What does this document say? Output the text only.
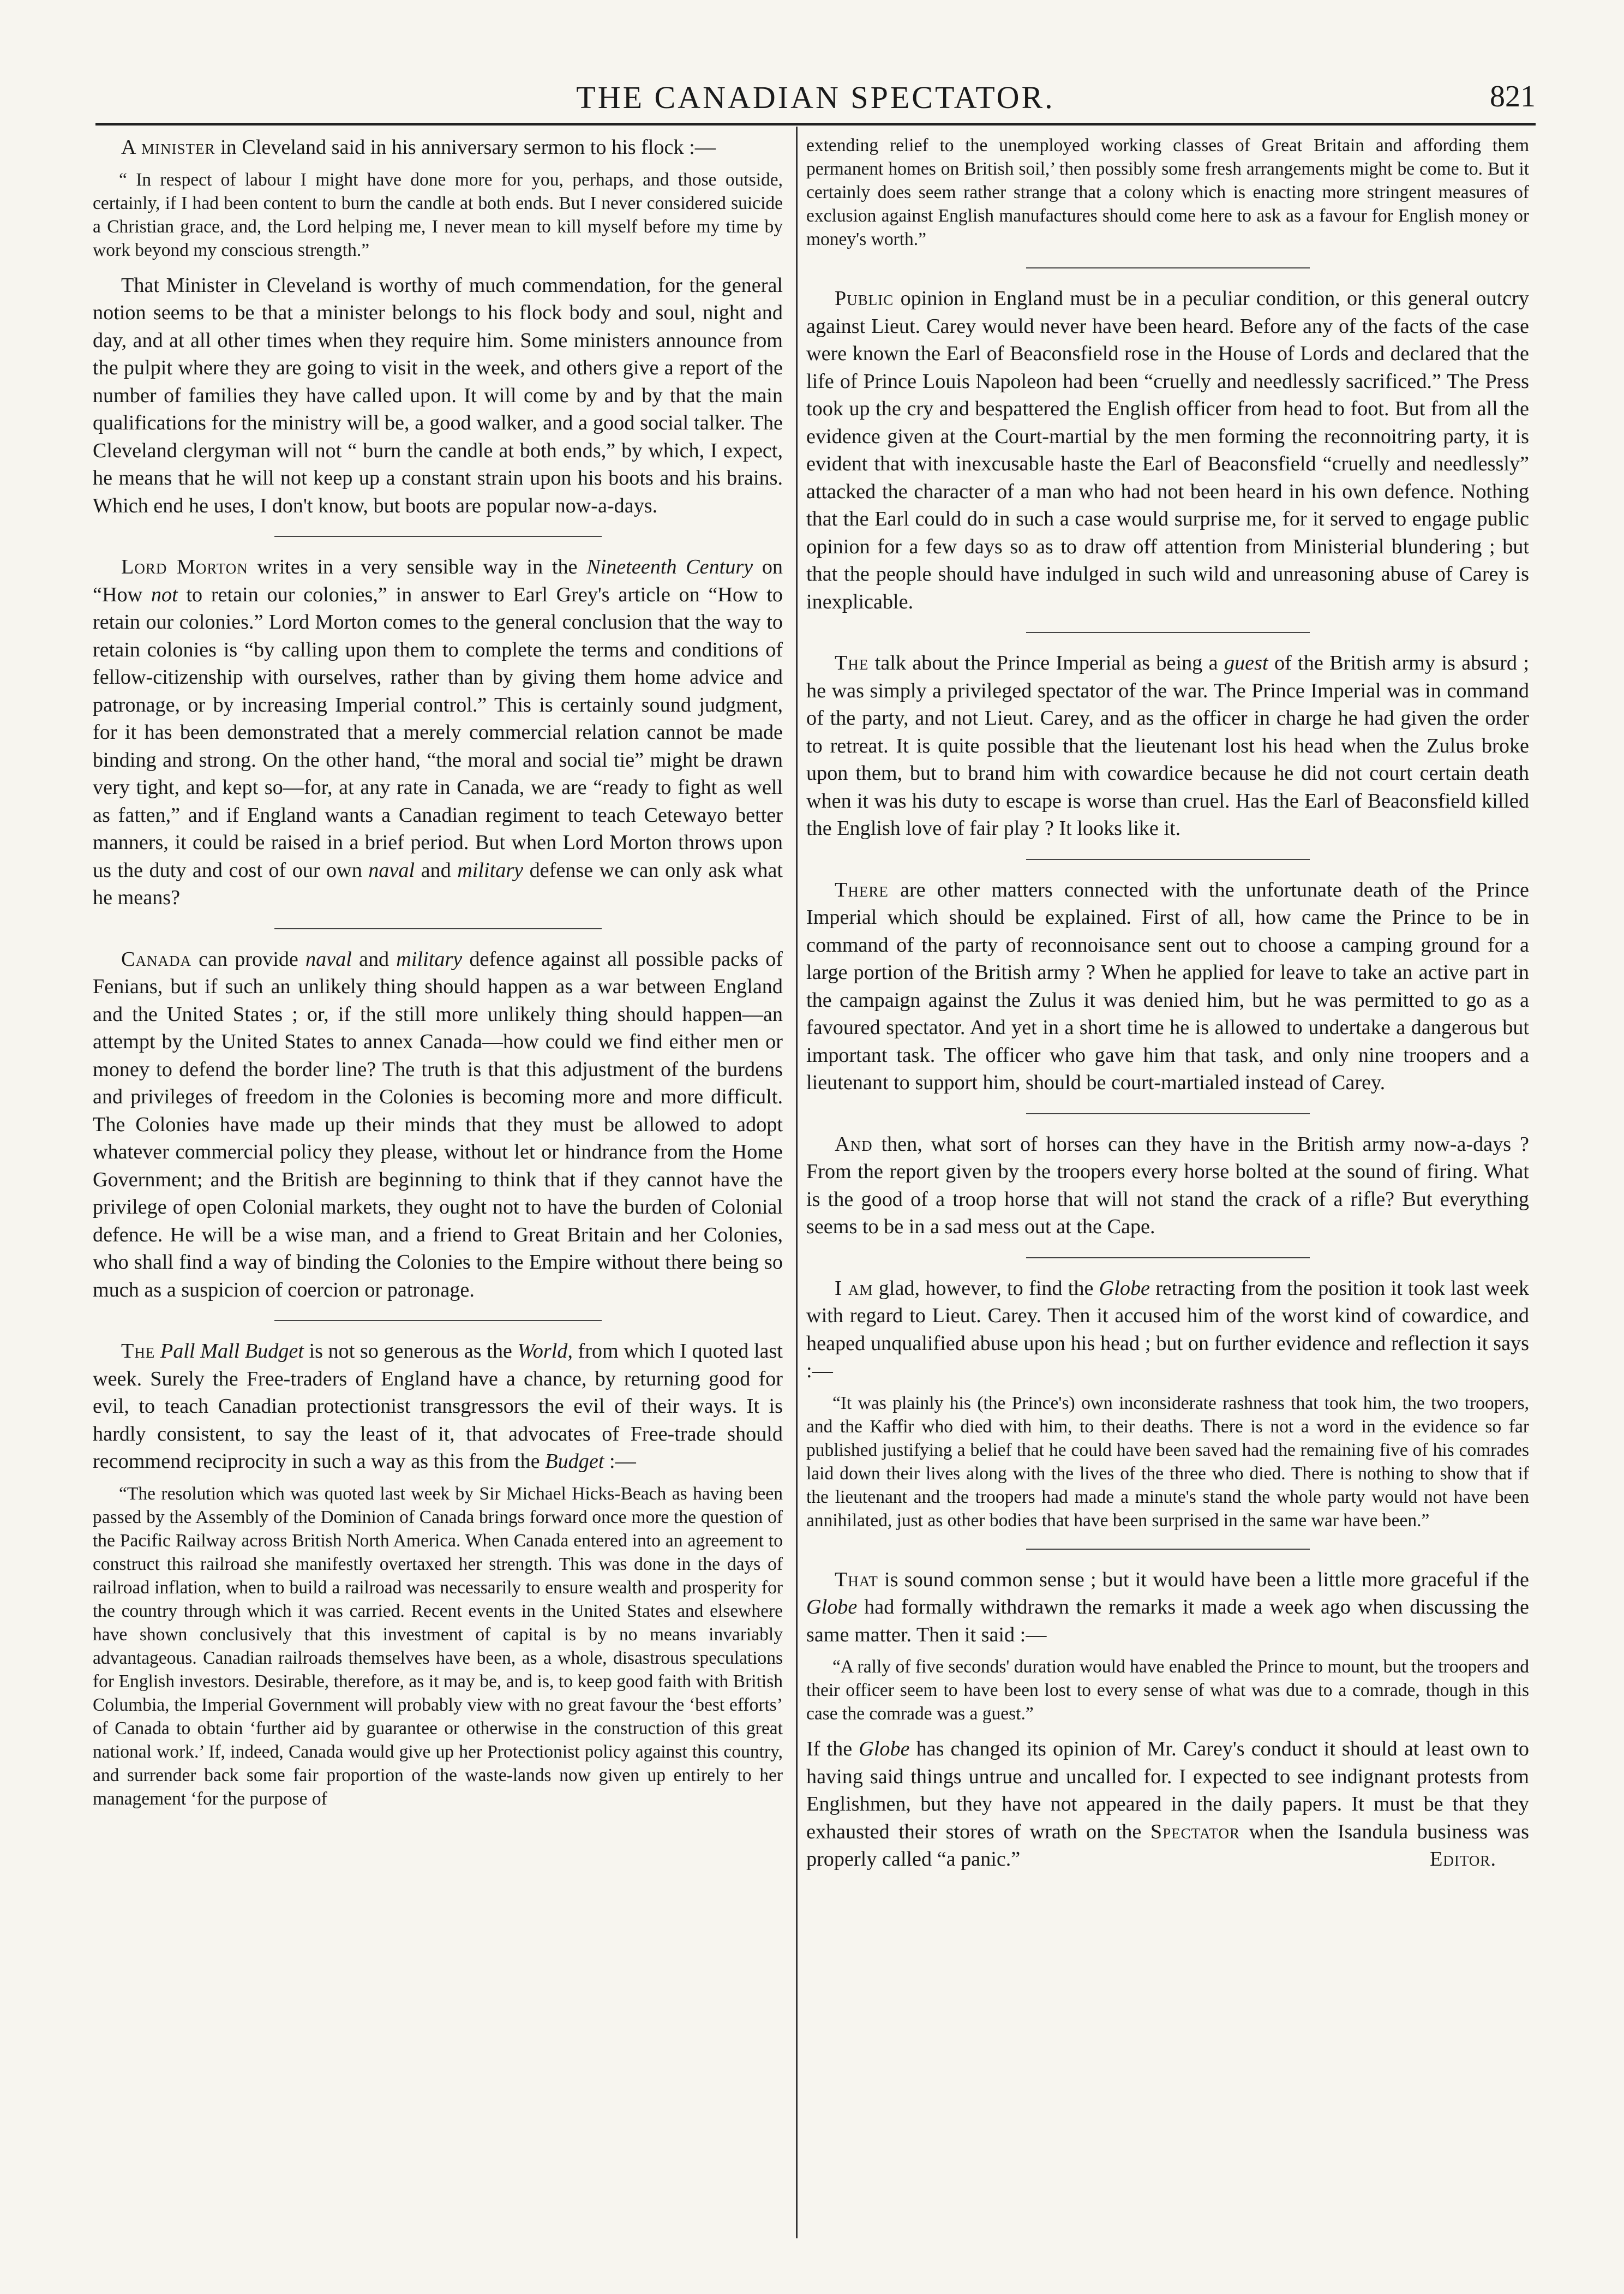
THE CANADIAN SPECTATOR.	821

A minister in Cleveland said in his anniversary sermon to his flock :—

“ In respect of labour I might have done more for you, perhaps, and those outside, certainly, if I had been content to burn the candle at both ends. But I never considered suicide a Christian grace, and, the Lord helping me, I never mean to kill myself before my time by work beyond my conscious strength.”

That Minister in Cleveland is worthy of much commendation, for the general notion seems to be that a minister belongs to his flock body and soul, night and day, and at all other times when they require him. Some ministers announce from the pulpit where they are going to visit in the week, and others give a report of the number of families they have called upon. It will come by and by that the main qualifications for the ministry will be, a good walker, and a good social talker. The Cleveland clergyman will not “ burn the candle at both ends,” by which, I expect, he means that he will not keep up a constant strain upon his boots and his brains. Which end he uses, I don't know, but boots are popular now-a-days.

Lord Morton writes in a very sensible way in the Nineteenth Century on “How not to retain our colonies,” in answer to Earl Grey's article on “How to retain our colonies.” Lord Morton comes to the general conclusion that the way to retain colonies is “by calling upon them to complete the terms and conditions of fellow-citizenship with ourselves, rather than by giving them home advice and patronage, or by increasing Imperial control.” This is certainly sound judgment, for it has been demonstrated that a merely commercial relation cannot be made binding and strong. On the other hand, “the moral and social tie” might be drawn very tight, and kept so—for, at any rate in Canada, we are “ready to fight as well as fatten,” and if England wants a Canadian regiment to teach Cetewayo better manners, it could be raised in a brief period. But when Lord Morton throws upon us the duty and cost of our own naval and military defense we can only ask what he means?

Canada can provide naval and military defence against all possible packs of Fenians, but if such an unlikely thing should happen as a war between England and the United States ; or, if the still more unlikely thing should happen—an attempt by the United States to annex Canada—how could we find either men or money to defend the border line? The truth is that this adjustment of the burdens and privileges of freedom in the Colonies is becoming more and more difficult. The Colonies have made up their minds that they must be allowed to adopt whatever commercial policy they please, without let or hindrance from the Home Government; and the British are beginning to think that if they cannot have the privilege of open Colonial markets, they ought not to have the burden of Colonial defence. He will be a wise man, and a friend to Great Britain and her Colonies, who shall find a way of binding the Colonies to the Empire without there being so much as a suspicion of coercion or patronage.

The Pall Mall Budget is not so generous as the World, from which I quoted last week. Surely the Free-traders of England have a chance, by returning good for evil, to teach Canadian protectionist transgressors the evil of their ways. It is hardly consistent, to say the least of it, that advocates of Free-trade should recommend reciprocity in such a way as this from the Budget :—

“The resolution which was quoted last week by Sir Michael Hicks-Beach as having been passed by the Assembly of the Dominion of Canada brings forward once more the question of the Pacific Railway across British North America. When Canada entered into an agreement to construct this railroad she manifestly overtaxed her strength. This was done in the days of railroad inflation, when to build a railroad was necessarily to ensure wealth and prosperity for the country through which it was carried. Recent events in the United States and elsewhere have shown conclusively that this investment of capital is by no means invariably advantageous. Canadian railroads themselves have been, as a whole, disastrous speculations for English investors. Desirable, therefore, as it may be, and is, to keep good faith with British Columbia, the Imperial Government will probably view with no great favour the ‘best efforts’ of Canada to obtain ‘further aid by guarantee or otherwise in the construction of this great national work.’ If, indeed, Canada would give up her Protectionist policy against this country, and surrender back some fair proportion of the waste-lands now given up entirely to her management ‘for the purpose of

extending relief to the unemployed working classes of Great Britain and affording them permanent homes on British soil,’ then possibly some fresh arrangements might be come to. But it certainly does seem rather strange that a colony which is enacting more stringent measures of exclusion against English manufactures should come here to ask as a favour for English money or money's worth.”

Public opinion in England must be in a peculiar condition, or this general outcry against Lieut. Carey would never have been heard. Before any of the facts of the case were known the Earl of Beaconsfield rose in the House of Lords and declared that the life of Prince Louis Napoleon had been “cruelly and needlessly sacrificed.” The Press took up the cry and bespattered the English officer from head to foot. But from all the evidence given at the Court-martial by the men forming the reconnoitring party, it is evident that with inexcusable haste the Earl of Beaconsfield “cruelly and needlessly” attacked the character of a man who had not been heard in his own defence. Nothing that the Earl could do in such a case would surprise me, for it served to engage public opinion for a few days so as to draw off attention from Ministerial blundering ; but that the people should have indulged in such wild and unreasoning abuse of Carey is inexplicable.

The talk about the Prince Imperial as being a guest of the British army is absurd ; he was simply a privileged spectator of the war. The Prince Imperial was in command of the party, and not Lieut. Carey, and as the officer in charge he had given the order to retreat. It is quite possible that the lieutenant lost his head when the Zulus broke upon them, but to brand him with cowardice because he did not court certain death when it was his duty to escape is worse than cruel. Has the Earl of Beaconsfield killed the English love of fair play ? It looks like it.

There are other matters connected with the unfortunate death of the Prince Imperial which should be explained. First of all, how came the Prince to be in command of the party of reconnoisance sent out to choose a camping ground for a large portion of the British army ? When he applied for leave to take an active part in the campaign against the Zulus it was denied him, but he was permitted to go as a favoured spectator. And yet in a short time he is allowed to undertake a dangerous but important task. The officer who gave him that task, and only nine troopers and a lieutenant to support him, should be court-martialed instead of Carey.

And then, what sort of horses can they have in the British army now-a-days ? From the report given by the troopers every horse bolted at the sound of firing. What is the good of a troop horse that will not stand the crack of a rifle? But everything seems to be in a sad mess out at the Cape.

I am glad, however, to find the Globe retracting from the position it took last week with regard to Lieut. Carey. Then it accused him of the worst kind of cowardice, and heaped unqualified abuse upon his head ; but on further evidence and reflection it says :—

“It was plainly his (the Prince's) own inconsiderate rashness that took him, the two troopers, and the Kaffir who died with him, to their deaths. There is not a word in the evidence so far published justifying a belief that he could have been saved had the remaining five of his comrades laid down their lives along with the lives of the three who died. There is nothing to show that if the lieutenant and the troopers had made a minute's stand the whole party would not have been annihilated, just as other bodies that have been surprised in the same war have been.”

That is sound common sense ; but it would have been a little more graceful if the Globe had formally withdrawn the remarks it made a week ago when discussing the same matter. Then it said :—

“A rally of five seconds' duration would have enabled the Prince to mount, but the troopers and their officer seem to have been lost to every sense of what was due to a comrade, though in this case the comrade was a guest.”

If the Globe has changed its opinion of Mr. Carey's conduct it should at least own to having said things untrue and uncalled for. I expected to see indignant protests from Englishmen, but they have not appeared in the daily papers. It must be that they exhausted their stores of wrath on the Spectator when the Isandula business was properly called “a panic.”	Editor.
